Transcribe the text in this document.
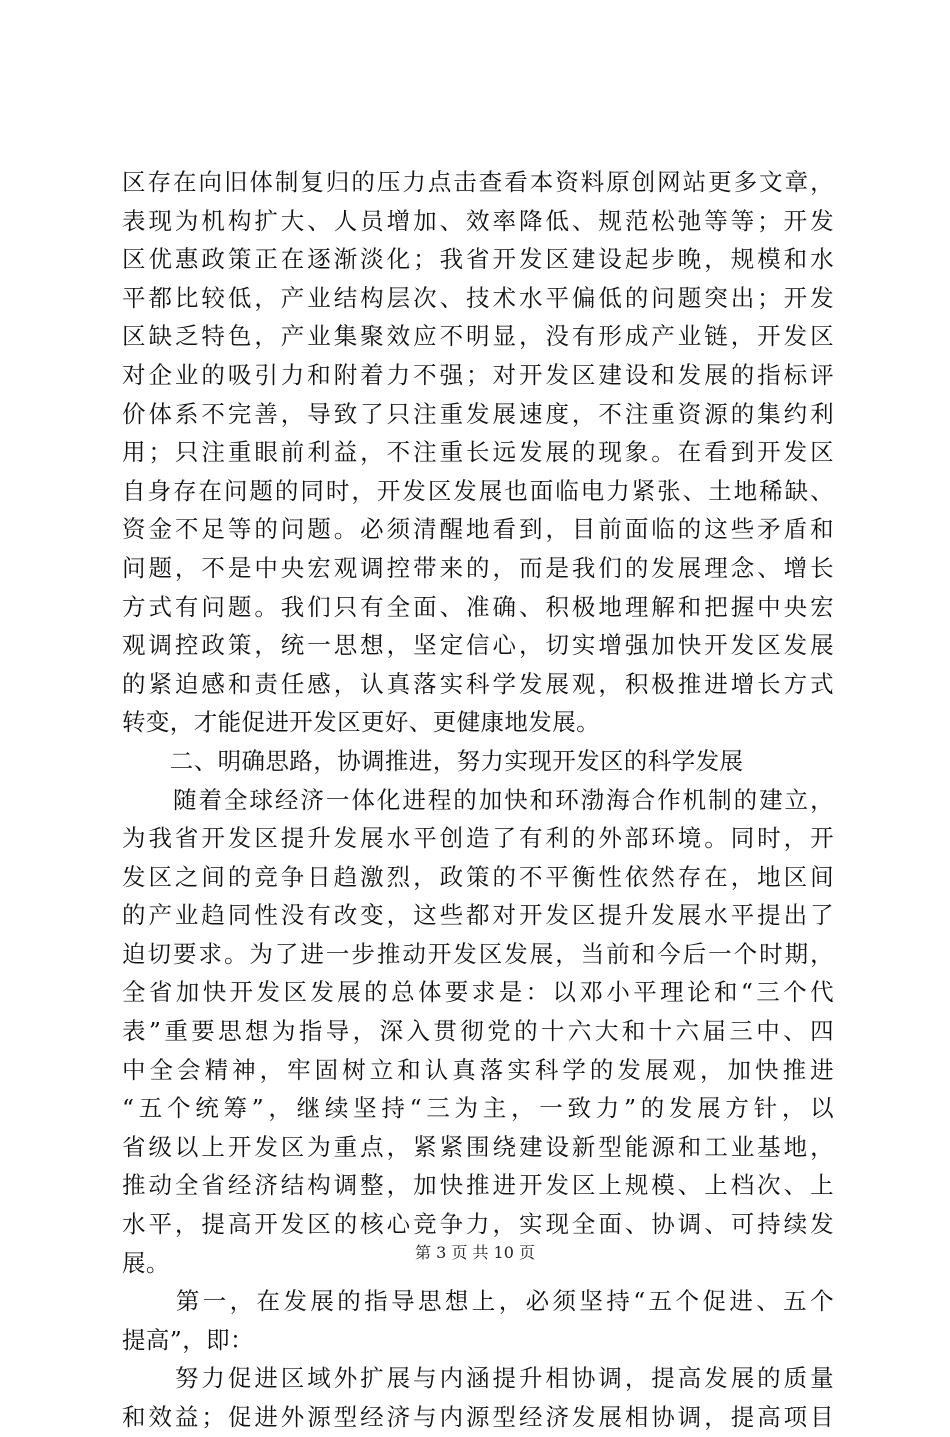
区存在向旧体制复归的压力点击查看本资料原创网站更多文章，
表现为机构扩大、人员增加、效率降低、规范松弛等等；开发
区优惠政策正在逐渐淡化；我省开发区建设起步晚，规模和水
平都比较低，产业结构层次、技术水平偏低的问题突出；开发
区缺乏特色，产业集聚效应不明显，没有形成产业链，开发区
对企业的吸引力和附着力不强；对开发区建设和发展的指标评
价体系不完善，导致了只注重发展速度，不注重资源的集约利
用；只注重眼前利益，不注重长远发展的现象。在看到开发区
自身存在问题的同时，开发区发展也面临电力紧张、土地稀缺、
资金不足等的问题。必须清醒地看到，目前面临的这些矛盾和
问题，不是中央宏观调控带来的，而是我们的发展理念、增长
方式有问题。我们只有全面、准确、积极地理解和把握中央宏
观调控政策，统一思想，坚定信心，切实增强加快开发区发展
的紧迫感和责任感，认真落实科学发展观，积极推进增长方式
转变，才能促进开发区更好、更健康地发展。
　　二、明确思路，协调推进，努力实现开发区的科学发展
　　随着全球经济一体化进程的加快和环渤海合作机制的建立，
为我省开发区提升发展水平创造了有利的外部环境。同时，开
发区之间的竞争日趋激烈，政策的不平衡性依然存在，地区间
的产业趋同性没有改变，这些都对开发区提升发展水平提出了
迫切要求。为了进一步推动开发区发展，当前和今后一个时期，
全省加快开发区发展的总体要求是：以邓小平理论和“三个代
表”重要思想为指导，深入贯彻党的十六大和十六届三中、四
中全会精神，牢固树立和认真落实科学的发展观，加快推进
“五个统筹”，继续坚持“三为主，一致力”的发展方针，以
省级以上开发区为重点，紧紧围绕建设新型能源和工业基地，
推动全省经济结构调整，加快推进开发区上规模、上档次、上
水平，提高开发区的核心竞争力，实现全面、协调、可持续发
展。
　　第一，在发展的指导思想上，必须坚持“五个促进、五个
提高”，即：
　　努力促进区域外扩展与内涵提升相协调，提高发展的质量
和效益；促进外源型经济与内源型经济发展相协调，提高项目
第 3 页 共 10 页
